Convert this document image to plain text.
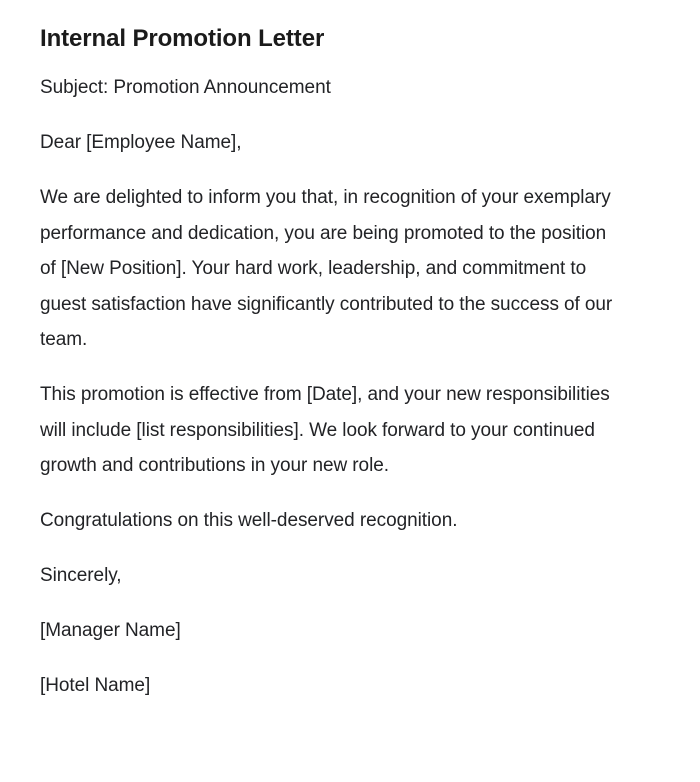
Internal Promotion Letter

Subject: Promotion Announcement

Dear [Employee Name],

We are delighted to inform you that, in recognition of your exemplary performance and dedication, you are being promoted to the position of [New Position]. Your hard work, leadership, and commitment to guest satisfaction have significantly contributed to the success of our team.

This promotion is effective from [Date], and your new responsibilities will include [list responsibilities]. We look forward to your continued growth and contributions in your new role.

Congratulations on this well-deserved recognition.

Sincerely,

[Manager Name]

[Hotel Name]
